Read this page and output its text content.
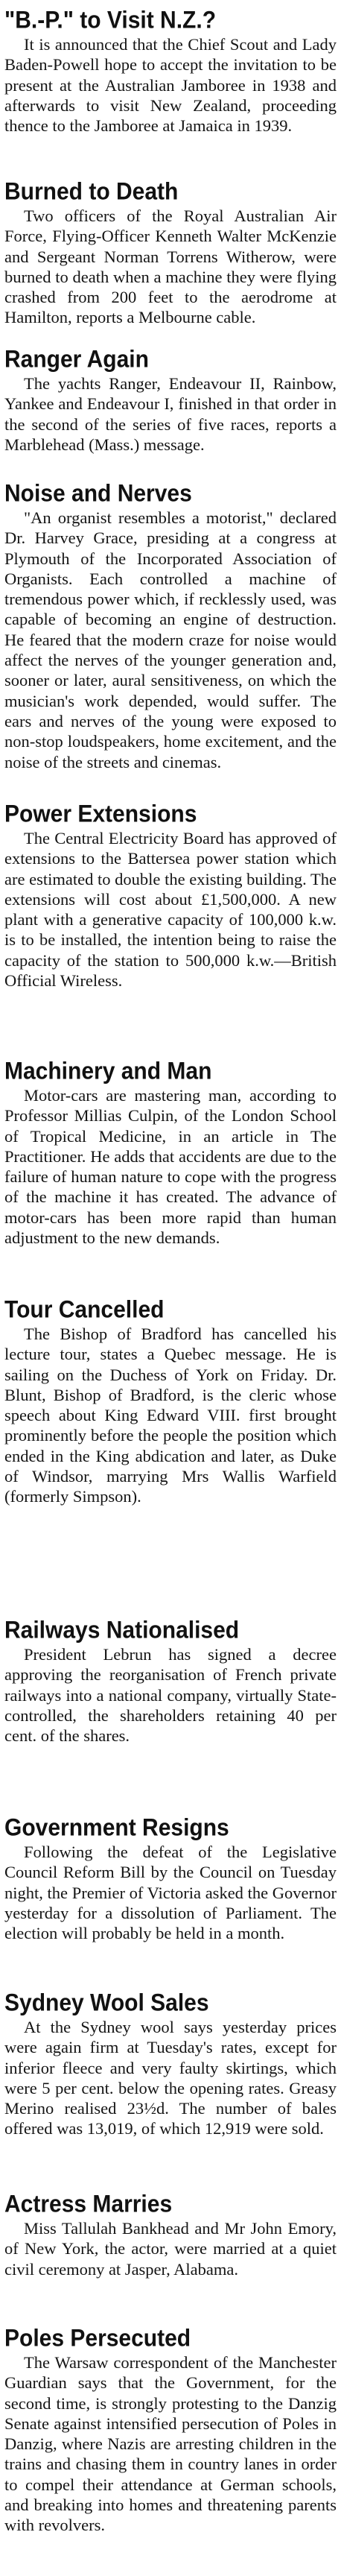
"B.-P." to Visit N.Z.?

It is announced that the Chief Scout and Lady Baden-Powell hope to accept the invitation to be present at the Australian Jamboree in 1938 and afterwards to visit New Zealand, proceeding thence to the Jamboree at Jamaica in 1939.

Burned to Death

Two officers of the Royal Australian Air Force, Flying-Officer Kenneth Walter McKenzie and Sergeant Norman Torrens Witherow, were burned to death when a machine they were flying crashed from 200 feet to the aerodrome at Hamilton, reports a Melbourne cable.

Ranger Again

The yachts Ranger, Endeavour II, Rainbow, Yankee and Endeavour I, finished in that order in the second of the series of five races, reports a Marblehead (Mass.) message.

Noise and Nerves

"An organist resembles a motorist," declared Dr. Harvey Grace, presiding at a congress at Plymouth of the Incorporated Association of Organists. Each controlled a machine of tremendous power which, if recklessly used, was capable of becoming an engine of destruction. He feared that the modern craze for noise would affect the nerves of the younger generation and, sooner or later, aural sensitiveness, on which the musician's work depended, would suffer. The ears and nerves of the young were exposed to non-stop loudspeakers, home excitement, and the noise of the streets and cinemas.

Power Extensions

The Central Electricity Board has approved of extensions to the Battersea power station which are estimated to double the existing building. The extensions will cost about £1,500,000. A new plant with a generative capacity of 100,000 k.w. is to be installed, the intention being to raise the capacity of the station to 500,000 k.w.—British Official Wireless.

Machinery and Man

Motor-cars are mastering man, according to Professor Millias Culpin, of the London School of Tropical Medicine, in an article in The Practitioner. He adds that accidents are due to the failure of human nature to cope with the progress of the machine it has created. The advance of motor-cars has been more rapid than human adjustment to the new demands.

Tour Cancelled

The Bishop of Bradford has cancelled his lecture tour, states a Quebec message. He is sailing on the Duchess of York on Friday. Dr. Blunt, Bishop of Bradford, is the cleric whose speech about King Edward VIII. first brought prominently before the people the position which ended in the King abdication and later, as Duke of Windsor, marrying Mrs Wallis Warfield (formerly Simpson).

Railways Nationalised

President Lebrun has signed a decree approving the reorganisation of French private railways into a national company, virtually State-controlled, the shareholders retaining 40 per cent. of the shares.

Government Resigns

Following the defeat of the Legislative Council Reform Bill by the Council on Tuesday night, the Premier of Victoria asked the Governor yesterday for a dissolution of Parliament. The election will probably be held in a month.

Sydney Wool Sales

At the Sydney wool says yesterday prices were again firm at Tuesday's rates, except for inferior fleece and very faulty skirtings, which were 5 per cent. below the opening rates. Greasy Merino realised 23½d. The number of bales offered was 13,019, of which 12,919 were sold.

Actress Marries

Miss Tallulah Bankhead and Mr John Emory, of New York, the actor, were married at a quiet civil ceremony at Jasper, Alabama.

Poles Persecuted

The Warsaw correspondent of the Manchester Guardian says that the Government, for the second time, is strongly protesting to the Danzig Senate against intensified persecution of Poles in Danzig, where Nazis are arresting children in the trains and chasing them in country lanes in order to compel their attendance at German schools, and breaking into homes and threatening parents with revolvers.
